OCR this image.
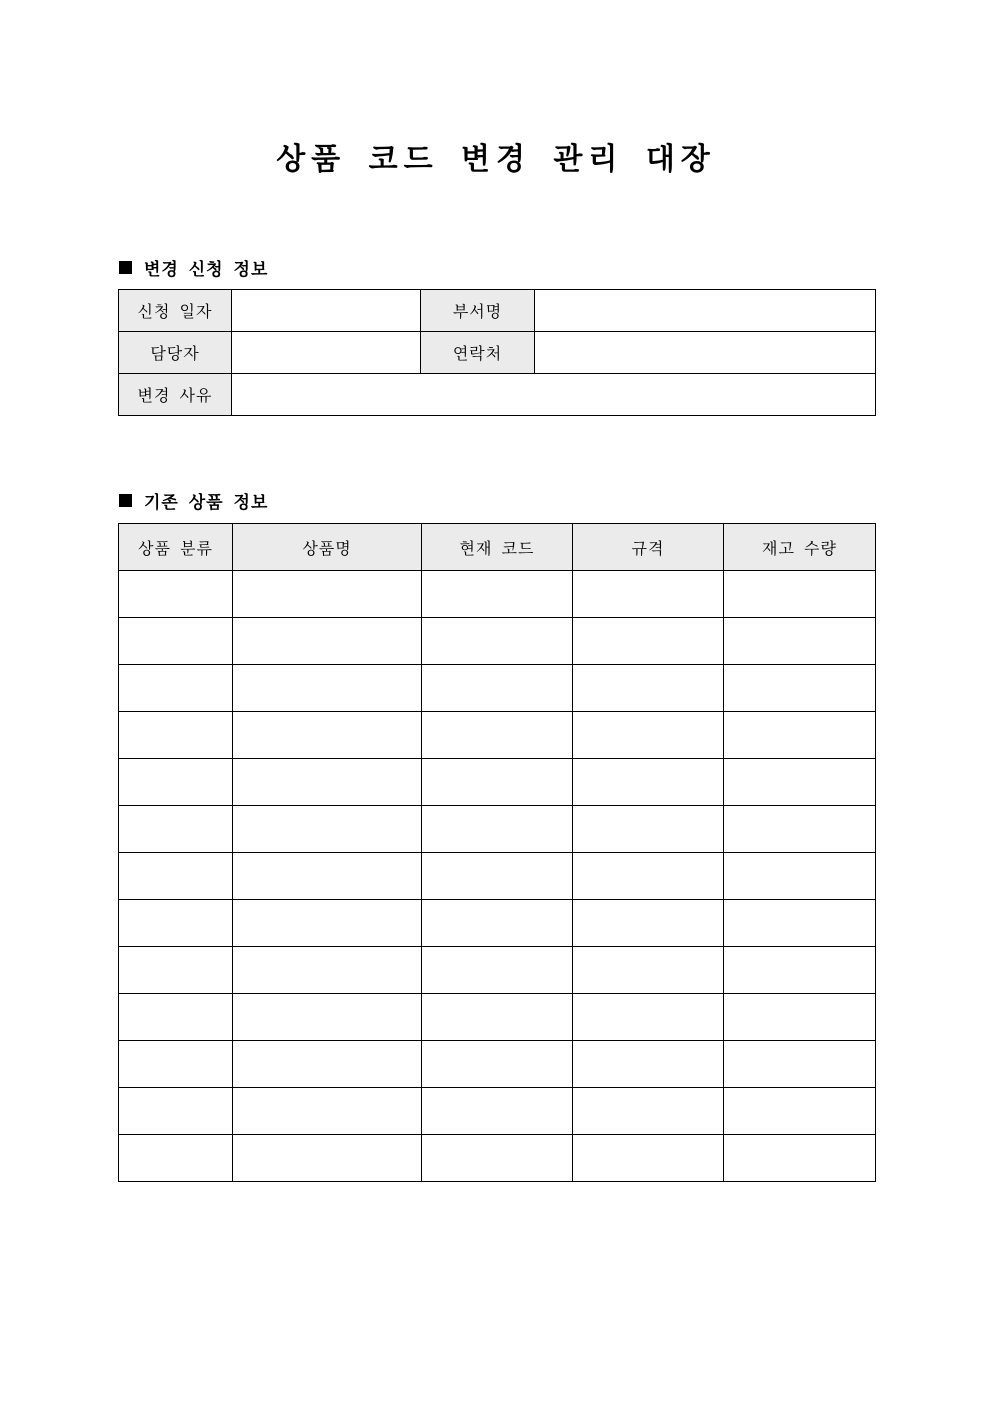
상품 코드 변경 관리 대장
변경 신청 정보
신청 일자		부서명	
담당자		연락처	
변경 사유			
기존 상품 정보
상품 분류	상품명	현재 코드	규격	재고 수량
